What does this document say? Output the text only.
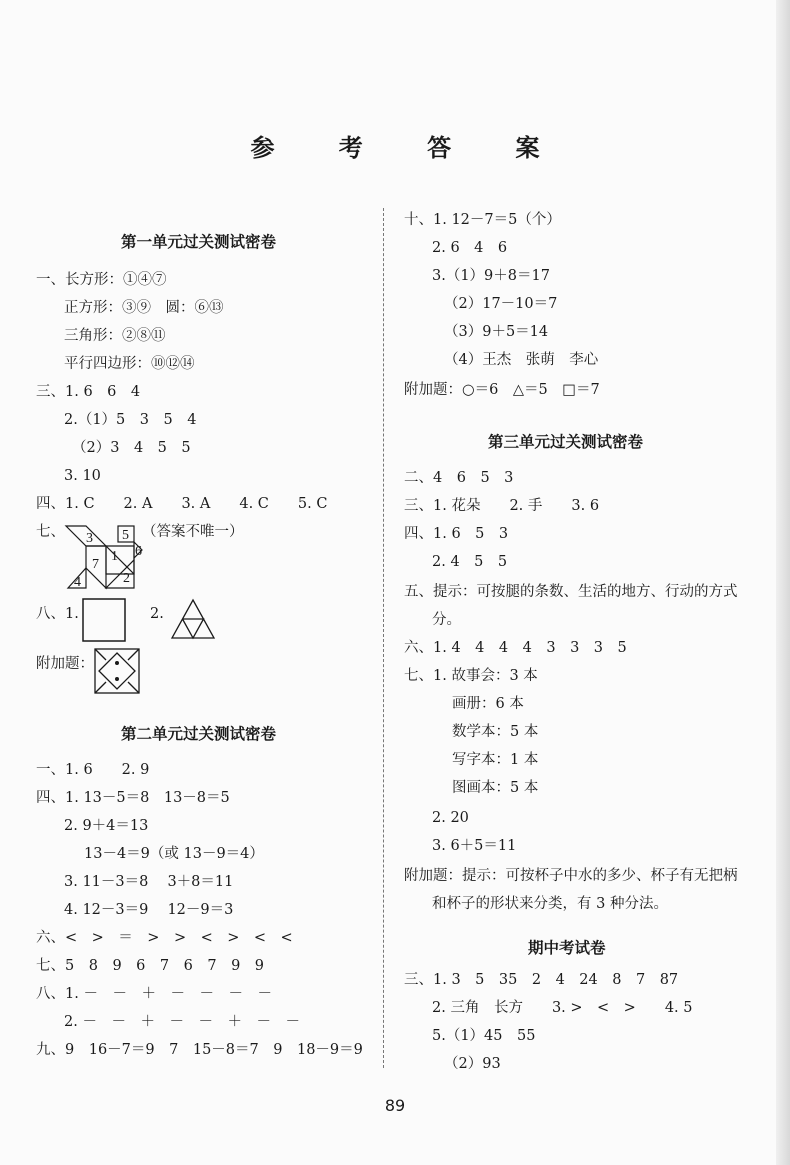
参 考 答 案
第一单元过关测试密卷
一、长方形：①④⑦
正方形：③⑨　圆：⑥⑬
三角形：②⑧⑪
平行四边形：⑩⑫⑭
三、1. 6　6　4
2.（1）5　3　5　4
（2）3　4　5　5
3. 10
四、1. C　　2. A　　3. A　　4. C　　5. C
七、	（答案不唯一）
3 5
6
1
7
2
4
八、1.	2.
附加题：
第二单元过关测试密卷
一、1. 6　　2. 9
四、1. 13－5＝8　13－8＝5
2. 9＋4＝13
13－4＝9（或 13－9＝4）
3. 11－3＝8　 3＋8＝11
4. 12－3＝9　 12－9＝3
六、<　>　＝　>　>　<　>　<　<
七、5　8　9　6　7　6　7　9　9
八、1. －　－　＋　－　－　－　－
2. －　－　＋　－　－　＋　－　－
九、9　16－7＝9　7　15－8＝7　9　18－9＝9
十、1. 12－7＝5（个）
2. 6　4　6
3.（1）9＋8＝17
（2）17－10＝7
（3）9＋5＝14
（4）王杰　张萌　李心
附加题：○＝6　△＝5　□＝7
第三单元过关测试密卷
二、4　6　5　3
三、1. 花朵　　2. 手　　3. 6
四、1. 6　5　3
2. 4　5　5
五、提示：可按腿的条数、生活的地方、行动的方式
分。
六、1. 4　4　4　4　3　3　3　5
七、1. 故事会：3 本
画册：6 本
数学本：5 本
写字本：1 本
图画本：5 本
2. 20
3. 6＋5＝11
附加题：提示：可按杯子中水的多少、杯子有无把柄
和杯子的形状来分类，有 3 种分法。
期中考试卷
三、1. 3　5　35　2　4　24　8　7　87
2. 三角　长方　　3. >　<　>　　4. 5
5.（1）45　55
（2）93
89
